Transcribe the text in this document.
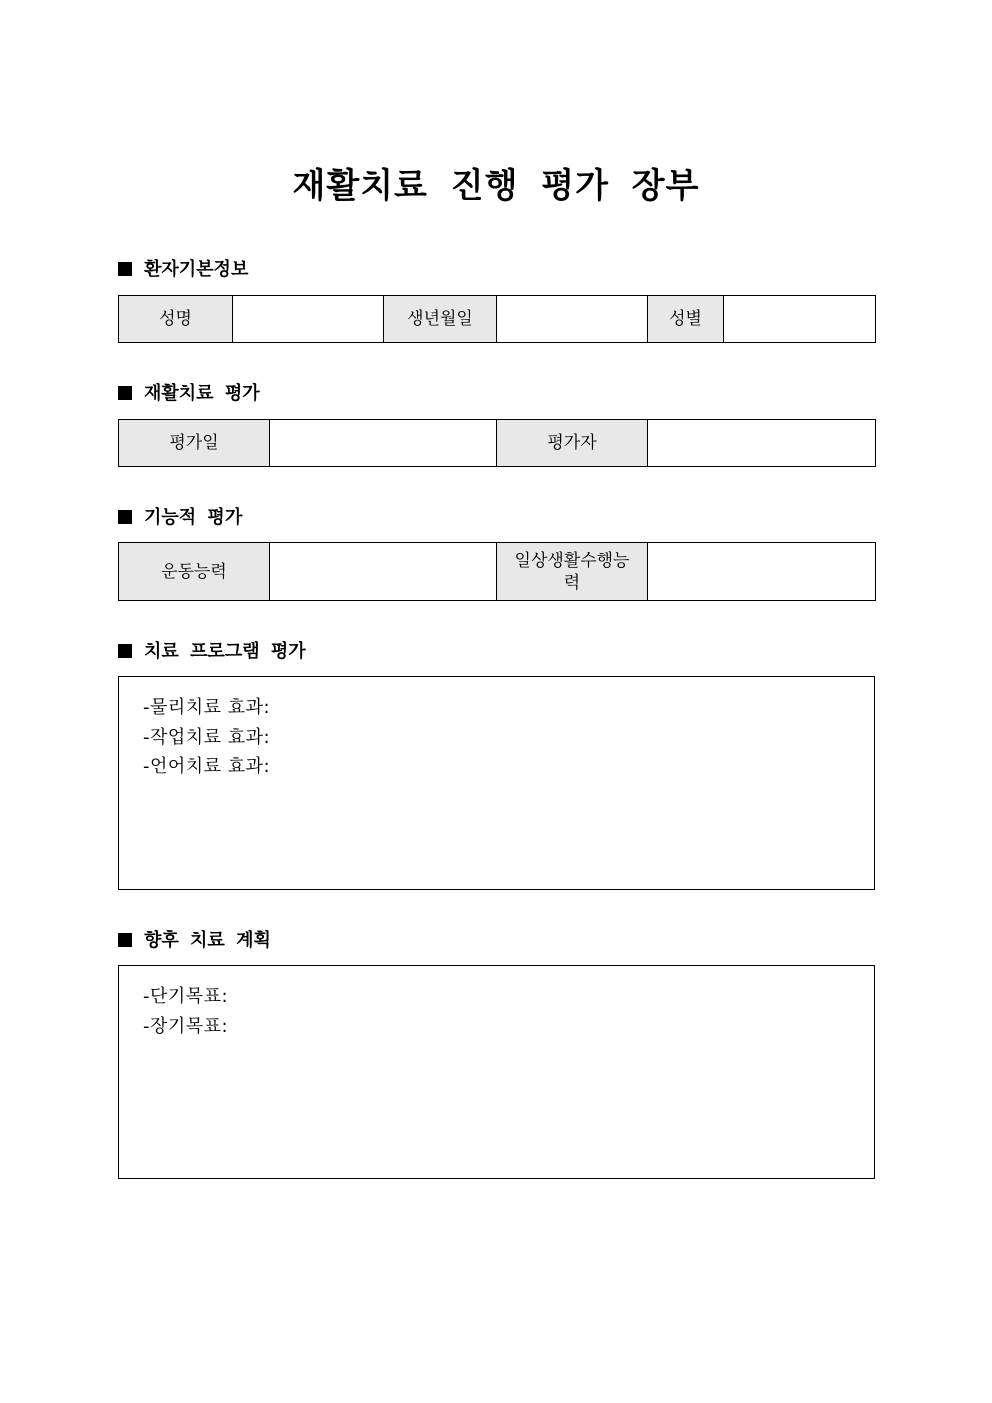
재활치료 진행 평가 장부
환자기본정보
성명		생년월일		성별	
재활치료 평가
평가일		평가자	
기능적 평가
운동능력		일상생활수행능력	
치료 프로그램 평가
-물리치료 효과:
-작업치료 효과:
-언어치료 효과:
향후 치료 계획
-단기목표:
-장기목표:
